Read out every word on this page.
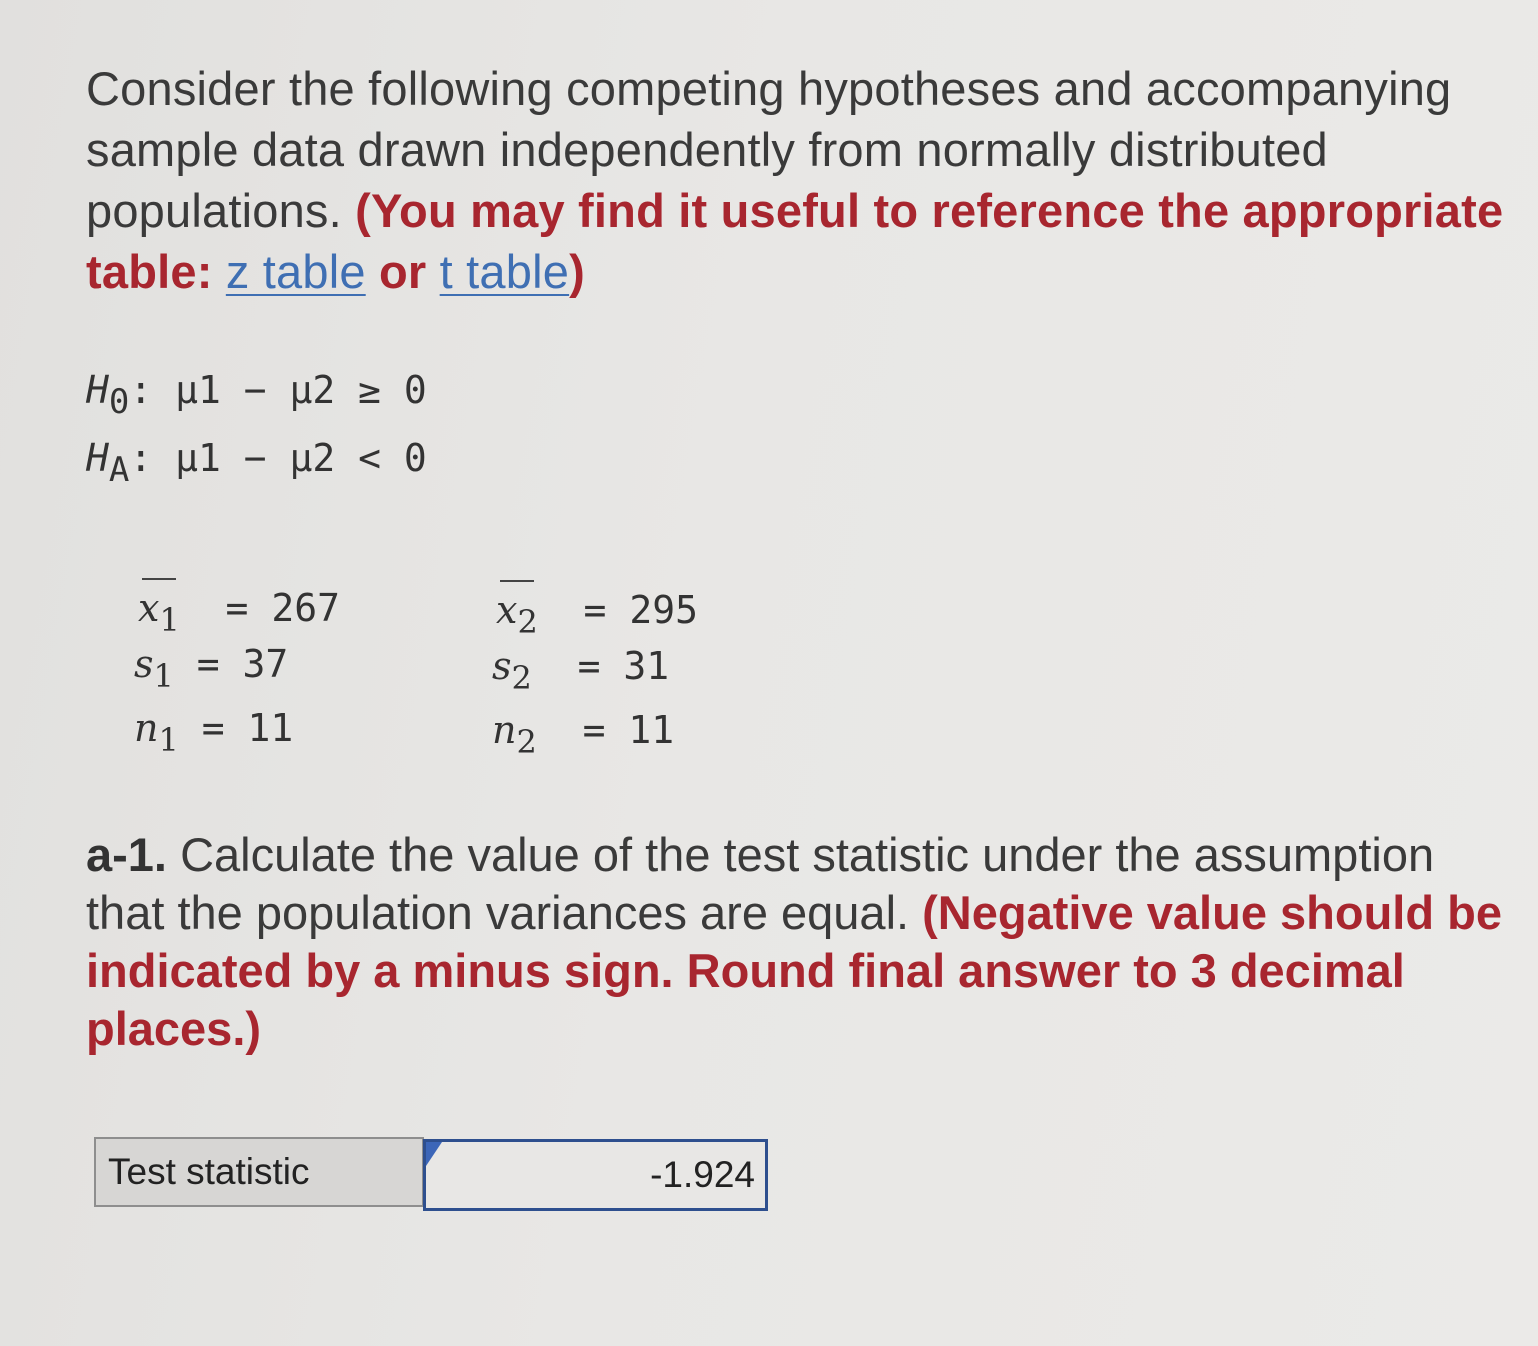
Consider the following competing hypotheses and accompanying sample data drawn independently from normally distributed populations. (You may find it useful to reference the appropriate table: z table or t table)
$H_0$: μ1 − μ2 ≥ 0
$H_A$: μ1 − μ2 < 0
$x_1 = 267$
$s_1 = 37$
$n_1 = 11$
$x_2 = 295$
$s_2 = 31$
$n_2 = 11$
a-1. Calculate the value of the test statistic under the assumption that the population variances are equal. (Negative value should be indicated by a minus sign. Round final answer to 3 decimal places.)
Test statistic	-1.924
